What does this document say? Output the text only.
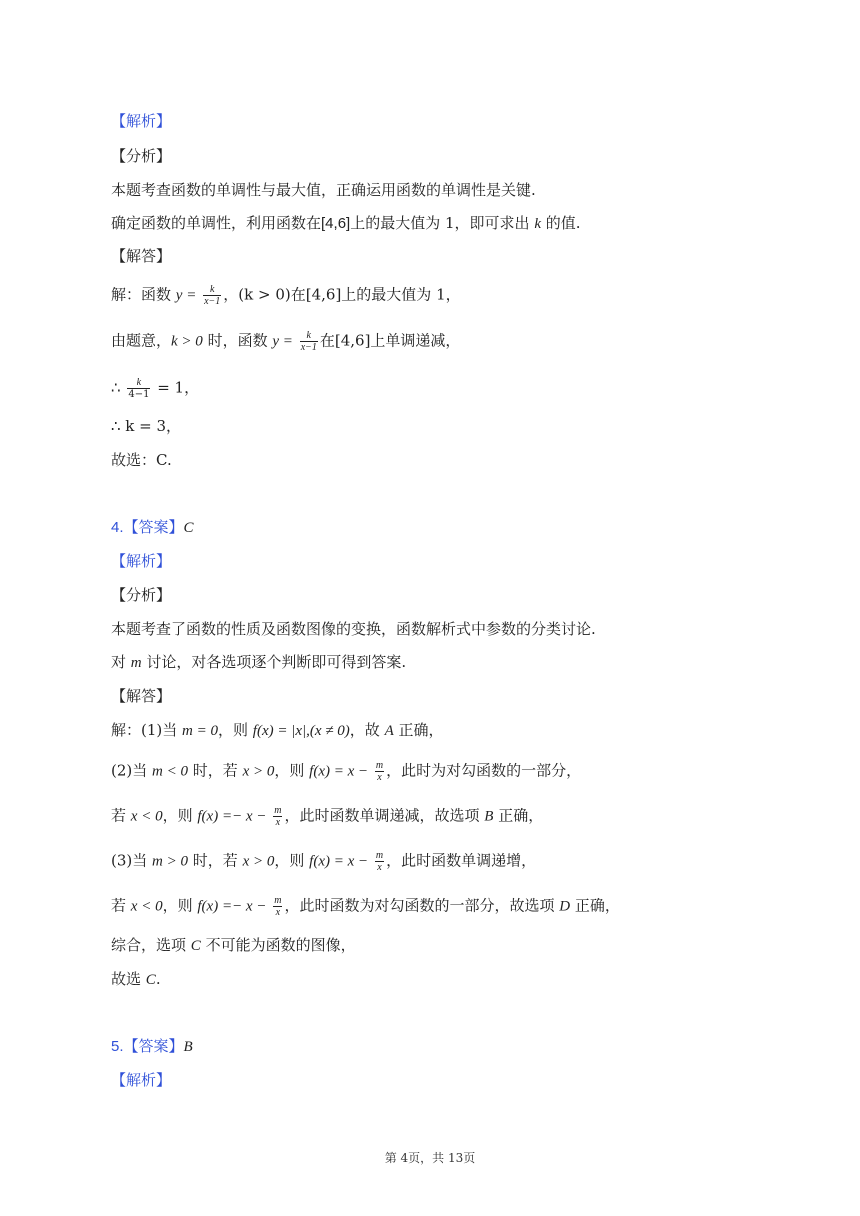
【解析】
【分析】
本题考查函数的单调性与最大值，正确运用函数的单调性是关键.
确定函数的单调性，利用函数在[4,6]上的最大值为 1，即可求出 k 的值.
【解答】
解：函数 $y = \frac{k}{x-1}$ ，(k > 0)在[4,6]上的最大值为 1，
由题意，k > 0 时，函数 $y = \frac{k}{x-1}$ 在[4,6]上单调递减，
∴ $\frac{k}{4-1} = 1$，
∴ k = 3，
故选：C.
4.【答案】C
【解析】
【分析】
本题考查了函数的性质及函数图像的变换，函数解析式中参数的分类讨论.
对 m 讨论，对各选项逐个判断即可得到答案.
【解答】
解：(1)当 m = 0，则 f(x) = |x|,(x ≠ 0)，故 A 正确，
(2)当 m < 0 时，若 x > 0，则 $f(x) = x - \frac{m}{x}$ ，此时为对勾函数的一部分，
若 x < 0，则 $f(x) =- x - \frac{m}{x}$ ，此时函数单调递减，故选项 B 正确，
(3)当 m > 0 时，若 x > 0，则 $f(x) = x - \frac{m}{x}$ ，此时函数单调递增，
若 x < 0，则 $f(x) =- x - \frac{m}{x}$ ，此时函数为对勾函数的一部分，故选项 D 正确，
综合，选项 C 不可能为函数的图像，
故选 C.
5.【答案】B
【解析】
第 4页，共 13页
